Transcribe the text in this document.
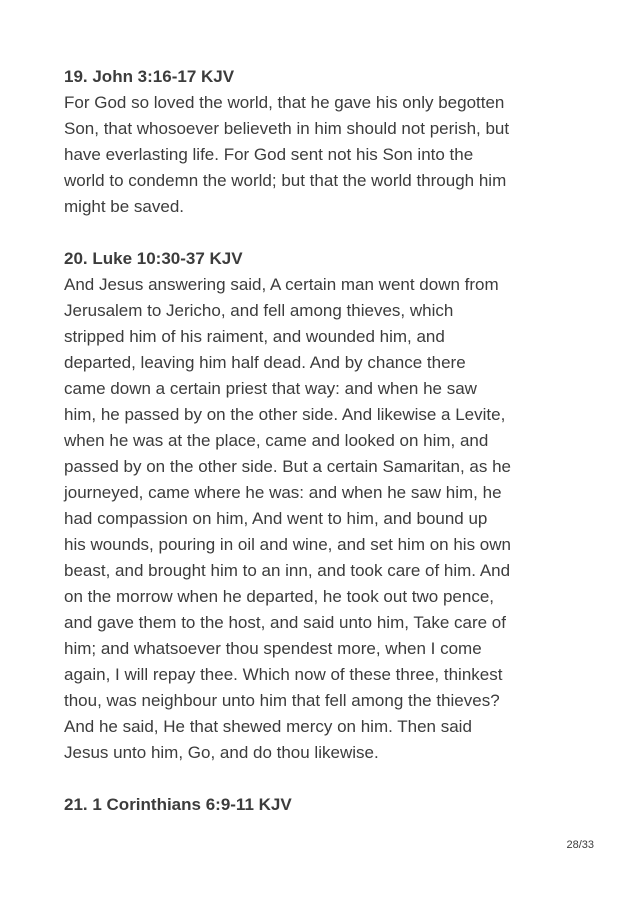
19. John 3:16-17 KJV

For God so loved the world, that he gave his only begotten

Son, that whosoever believeth in him should not perish, but

have everlasting life. For God sent not his Son into the

world to condemn the world; but that the world through him

might be saved.

20. Luke 10:30-37 KJV

And Jesus answering said, A certain man went down from

Jerusalem to Jericho, and fell among thieves, which

stripped him of his raiment, and wounded him, and

departed, leaving him half dead. And by chance there

came down a certain priest that way: and when he saw

him, he passed by on the other side. And likewise a Levite,

when he was at the place, came and looked on him, and

passed by on the other side. But a certain Samaritan, as he

journeyed, came where he was: and when he saw him, he

had compassion on him, And went to him, and bound up

his wounds, pouring in oil and wine, and set him on his own

beast, and brought him to an inn, and took care of him. And

on the morrow when he departed, he took out two pence,

and gave them to the host, and said unto him, Take care of

him; and whatsoever thou spendest more, when I come

again, I will repay thee. Which now of these three, thinkest

thou, was neighbour unto him that fell among the thieves?

And he said, He that shewed mercy on him. Then said

Jesus unto him, Go, and do thou likewise.

21. 1 Corinthians 6:9-11 KJV

28/33
